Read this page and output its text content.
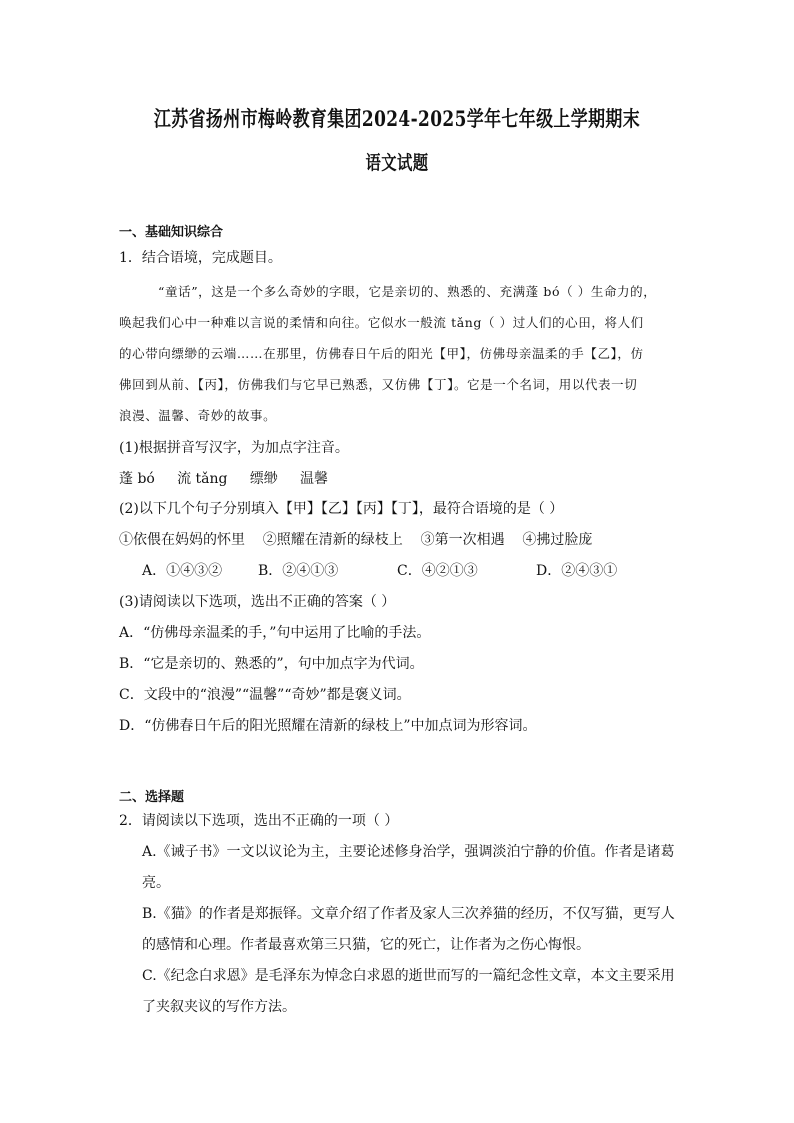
江苏省扬州市梅岭教育集团2024-2025学年七年级上学期期末
语文试题
一、基础知识综合
1．结合语境，完成题目。
“童话”，这是一个多么奇妙的字眼，它是亲切的、熟悉的、充满蓬 bó（ ）生命力的，
唤起我们心中一种难以言说的柔情和向往。它似水一般流 tǎng（ ）过人们的心田，将人们
的心带向缥缈的云端……在那里，仿佛春日午后的阳光【甲】，仿佛母亲温柔的手【乙】，仿
佛回到从前、【丙】，仿佛我们与它早已熟悉，又仿佛【丁】。它是一个名词，用以代表一切
浪漫、温馨、奇妙的故事。
(1)根据拼音写汉字，为加点字注音。
蓬 bó     流 tǎng     缥缈     温馨
(2)以下几个句子分别填入【甲】【乙】【丙】【丁】，最符合语境的是（ ）
①依偎在妈妈的怀里    ②照耀在清新的绿枝上    ③第一次相遇    ④拂过脸庞
A．①④③②	B．②④①③	C．④②①③	D．②④③①
(3)请阅读以下选项，选出不正确的答案（ ）
A．“仿佛母亲温柔的手，”句中运用了比喻的手法。
B．“它是亲切的、熟悉的”，句中加点字为代词。
C．文段中的“浪漫”“温馨”“奇妙”都是褒义词。
D．“仿佛春日午后的阳光照耀在清新的绿枝上”中加点词为形容词。
二、选择题
2．请阅读以下选项，选出不正确的一项（ ）
A.《诫子书》一文以议论为主，主要论述修身治学，强调淡泊宁静的价值。作者是诸葛
亮。
B.《猫》的作者是郑振铎。文章介绍了作者及家人三次养猫的经历，不仅写猫，更写人
的感情和心理。作者最喜欢第三只猫，它的死亡，让作者为之伤心悔恨。
C.《纪念白求恩》是毛泽东为悼念白求恩的逝世而写的一篇纪念性文章，本文主要采用
了夹叙夹议的写作方法。
